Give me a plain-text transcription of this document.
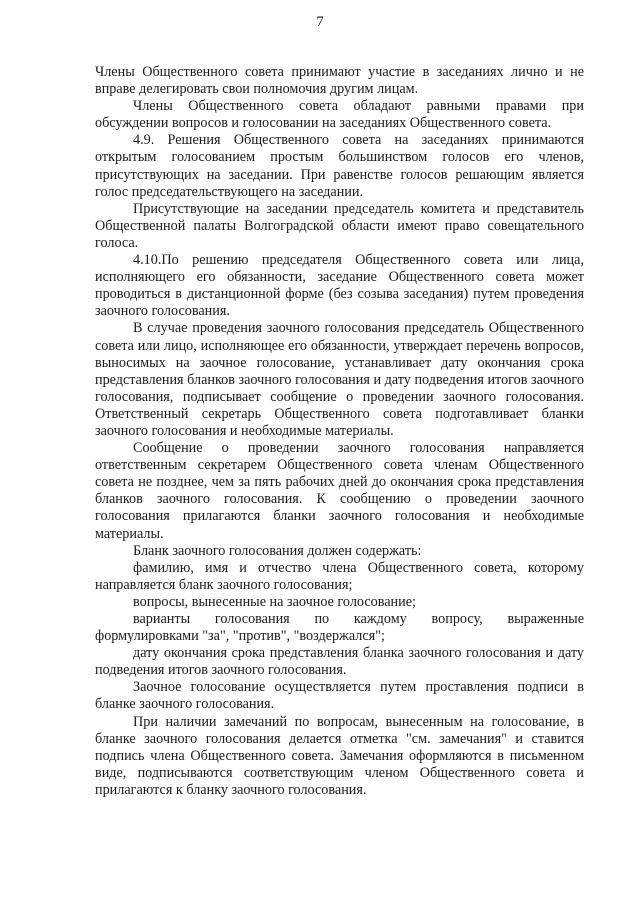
7

Члены Общественного совета принимают участие в заседаниях лично и не вправе делегировать свои полномочия другим лицам.

Члены Общественного совета обладают равными правами при обсуждении вопросов и голосовании на заседаниях Общественного совета.

4.9. Решения Общественного совета на заседаниях принимаются открытым голосованием простым большинством голосов его членов, присутствующих на заседании. При равенстве голосов решающим является голос председательствующего на заседании.

Присутствующие на заседании председатель комитета и представитель Общественной палаты Волгоградской области имеют право совещательного голоса.

4.10.По решению председателя Общественного совета или лица, исполняющего его обязанности, заседание Общественного совета может проводиться в дистанционной форме (без созыва заседания) путем проведения заочного голосования.

В случае проведения заочного голосования председатель Общественного совета или лицо, исполняющее его обязанности, утверждает перечень вопросов, выносимых на заочное голосование, устанавливает дату окончания срока представления бланков заочного голосования и дату подведения итогов заочного голосования, подписывает сообщение о проведении заочного голосования. Ответственный секретарь Общественного совета подготавливает бланки заочного голосования и необходимые материалы.

Сообщение о проведении заочного голосования направляется ответственным секретарем Общественного совета членам Общественного совета не позднее, чем за пять рабочих дней до окончания срока представления бланков заочного голосования. К сообщению о проведении заочного голосования прилагаются бланки заочного голосования и необходимые материалы.

Бланк заочного голосования должен содержать:

фамилию, имя и отчество члена Общественного совета, которому направляется бланк заочного голосования;

вопросы, вынесенные на заочное голосование;

варианты голосования по каждому вопросу, выраженные формулировками "за", "против", "воздержался";

дату окончания срока представления бланка заочного голосования и дату подведения итогов заочного голосования.

Заочное голосование осуществляется путем проставления подписи в бланке заочного голосования.

При наличии замечаний по вопросам, вынесенным на голосование, в бланке заочного голосования делается отметка "см. замечания" и ставится подпись члена Общественного совета. Замечания оформляются в письменном виде, подписываются соответствующим членом Общественного совета и прилагаются к бланку заочного голосования.
